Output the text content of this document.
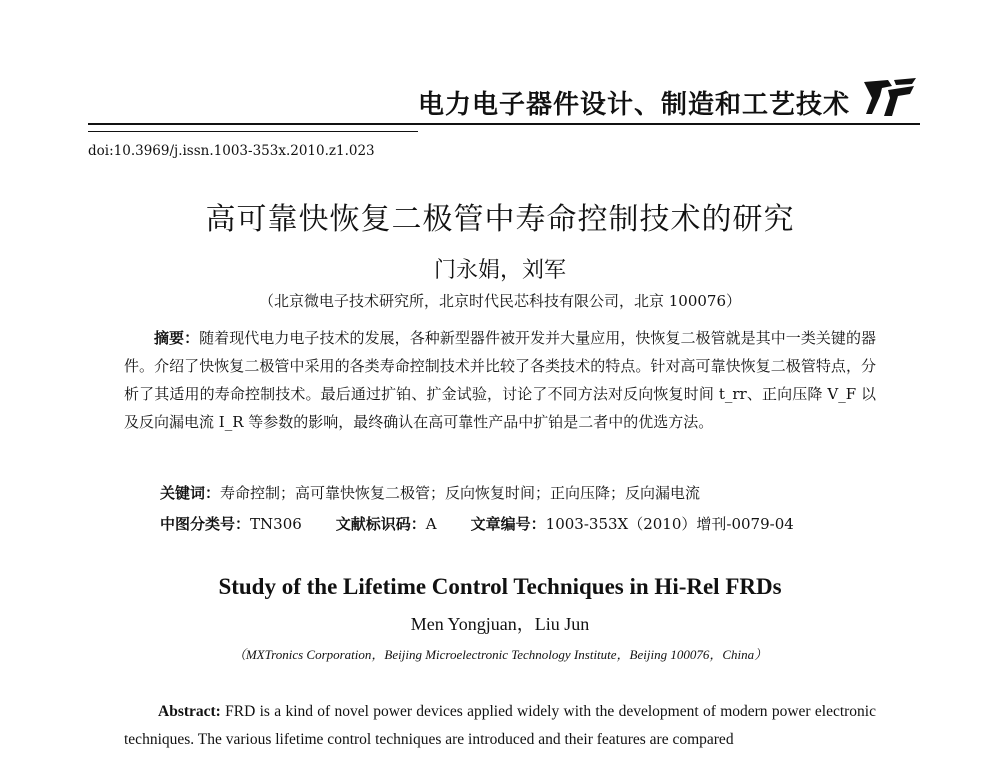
电力电子器件设计、制造和工艺技术
doi:10.3969/j.issn.1003-353x.2010.z1.023
高可靠快恢复二极管中寿命控制技术的研究
门永娟，刘军
（北京微电子技术研究所，北京时代民芯科技有限公司，北京 100076）
摘要：随着现代电力电子技术的发展，各种新型器件被开发并大量应用，快恢复二极管就是其中一类关键的器件。介绍了快恢复二极管中采用的各类寿命控制技术并比较了各类技术的特点。针对高可靠快恢复二极管特点，分析了其适用的寿命控制技术。最后通过扩铂、扩金试验，讨论了不同方法对反向恢复时间 t_rr、正向压降 V_F 以及反向漏电流 I_R 等参数的影响，最终确认在高可靠性产品中扩铂是二者中的优选方法。
关键词：寿命控制；高可靠快恢复二极管；反向恢复时间；正向压降；反向漏电流
中图分类号：TN306 文献标识码：A 文章编号：1003-353X（2010）增刊-0079-04
Study of the Lifetime Control Techniques in Hi-Rel FRDs
Men Yongjuan，Liu Jun
（MXTronics Corporation，Beijing Microelectronic Technology Institute，Beijing 100076，China）
Abstract: FRD is a kind of novel power devices applied widely with the development of modern power electronic techniques. The various lifetime control techniques are introduced and their features are compared
